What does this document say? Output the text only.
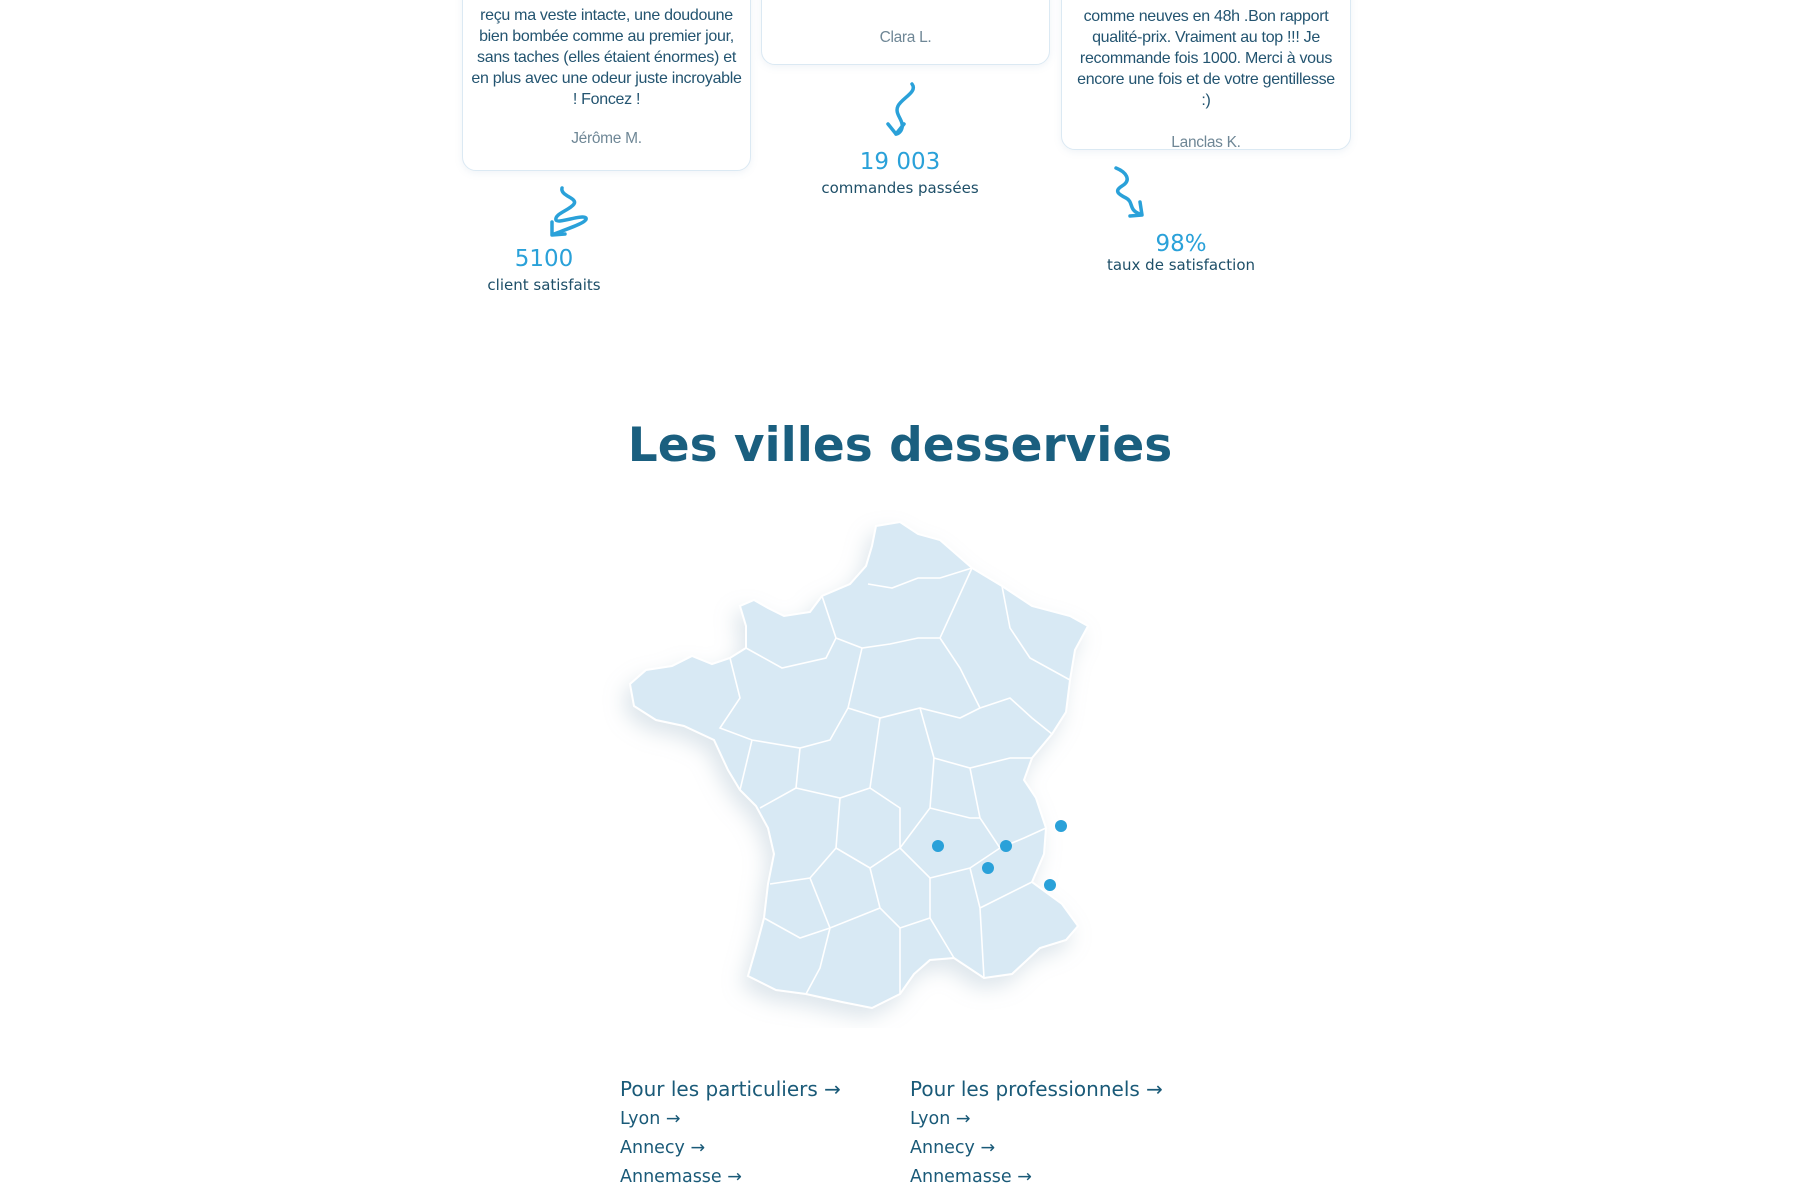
reçu ma veste intacte, une doudoune bien bombée comme au premier jour, sans taches (elles étaient énormes) et en plus avec une odeur juste incroyable ! Foncez !

Jérôme M.

Clara L.

comme neuves en 48h .Bon rapport qualité-prix. Vraiment au top !!! Je recommande fois 1000. Merci à vous encore une fois et de votre gentillesse :)

Lanclas K.
5100
client satisfaits
19 003
commandes passées
98%
taux de satisfaction
Les villes desservies
Pour les particuliers →
Lyon →
Annecy →
Annemasse →
Pour les professionnels →
Lyon →
Annecy →
Annemasse →
